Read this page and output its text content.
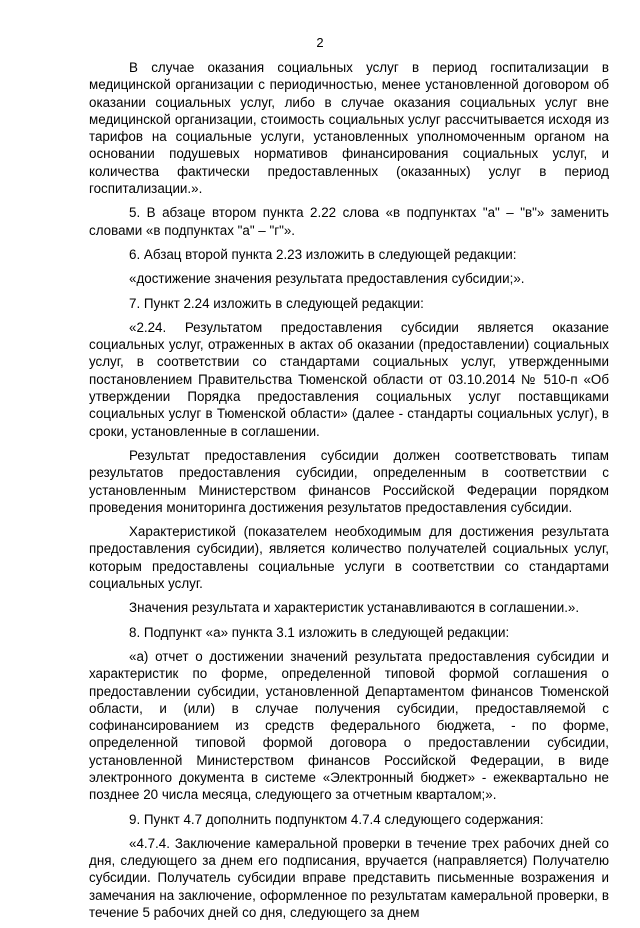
2

В случае оказания социальных услуг в период госпитализации в медицинской организации с периодичностью, менее установленной договором об оказании социальных услуг, либо в случае оказания социальных услуг вне медицинской организации, стоимость социальных услуг рассчитывается исходя из тарифов на социальные услуги, установленных уполномоченным органом на основании подушевых нормативов финансирования социальных услуг, и количества фактически предоставленных (оказанных) услуг в период госпитализации.».

5. В абзаце втором пункта 2.22 слова «в подпунктах "а" – "в"» заменить словами «в подпунктах "а" – "г"».

6. Абзац второй пункта 2.23 изложить в следующей редакции:

«достижение значения результата предоставления субсидии;».

7. Пункт 2.24 изложить в следующей редакции:

«2.24. Результатом предоставления субсидии является оказание социальных услуг, отраженных в актах об оказании (предоставлении) социальных услуг, в соответствии со стандартами социальных услуг, утвержденными постановлением Правительства Тюменской области от 03.10.2014 № 510-п «Об утверждении Порядка предоставления социальных услуг поставщиками социальных услуг в Тюменской области» (далее - стандарты социальных услуг), в сроки, установленные в соглашении.

Результат предоставления субсидии должен соответствовать типам результатов предоставления субсидии, определенным в соответствии с установленным Министерством финансов Российской Федерации порядком проведения мониторинга достижения результатов предоставления субсидии.

Характеристикой (показателем необходимым для достижения результата предоставления субсидии), является количество получателей социальных услуг, которым предоставлены социальные услуги в соответствии со стандартами социальных услуг.

Значения результата и характеристик устанавливаются в соглашении.».

8. Подпункт «а» пункта 3.1 изложить в следующей редакции:

«а) отчет о достижении значений результата предоставления субсидии и характеристик по форме, определенной типовой формой соглашения о предоставлении субсидии, установленной Департаментом финансов Тюменской области, и (или) в случае получения субсидии, предоставляемой с софинансированием из средств федерального бюджета, - по форме, определенной типовой формой договора о предоставлении субсидии, установленной Министерством финансов Российской Федерации, в виде электронного документа в системе «Электронный бюджет» - ежеквартально не позднее 20 числа месяца, следующего за отчетным кварталом;».

9. Пункт 4.7 дополнить подпунктом 4.7.4 следующего содержания:

«4.7.4. Заключение камеральной проверки в течение трех рабочих дней со дня, следующего за днем его подписания, вручается (направляется) Получателю субсидии. Получатель субсидии вправе представить письменные возражения и замечания на заключение, оформленное по результатам камеральной проверки, в течение 5 рабочих дней со дня, следующего за днем
